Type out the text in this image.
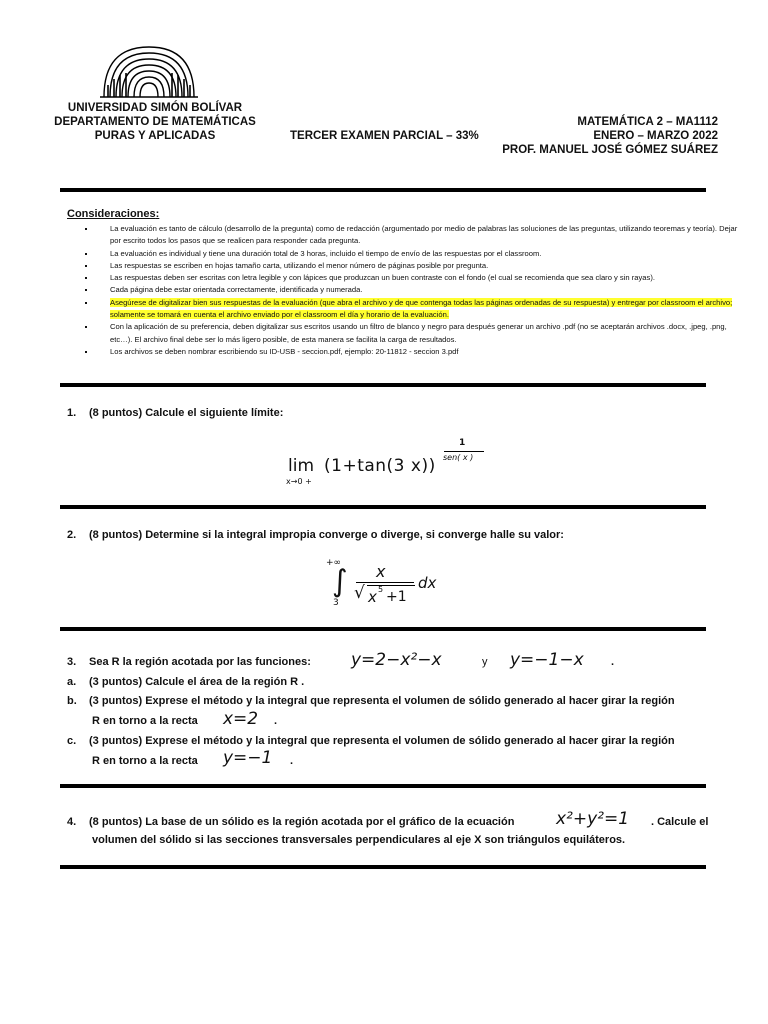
UNIVERSIDAD SIMÓN BOLÍVAR
DEPARTAMENTO DE MATEMÁTICAS
PURAS Y APLICADAS	TERCER EXAMEN PARCIAL – 33%
MATEMÁTICA 2 – MA1112
ENERO – MARZO 2022
PROF. MANUEL JOSÉ GÓMEZ SUÁREZ
Consideraciones:
▪ La evaluación es tanto de cálculo (desarrollo de la pregunta) como de redacción (argumentado por medio de palabras las soluciones de las preguntas, utilizando teoremas y teoría). Dejar por escrito todos los pasos que se realicen para responder cada pregunta.
▪ La evaluación es individual y tiene una duración total de 3 horas, incluido el tiempo de envío de las respuestas por el classroom.
▪ Las respuestas se escriben en hojas tamaño carta, utilizando el menor número de páginas posible por pregunta.
▪ Las respuestas deben ser escritas con letra legible y con lápices que produzcan un buen contraste con el fondo (el cual se recomienda que sea claro y sin rayas).
▪ Cada página debe estar orientada correctamente, identificada y numerada.
▪ Asegúrese de digitalizar bien sus respuestas de la evaluación (que abra el archivo y de que contenga todas las páginas ordenadas de su respuesta) y entregar por classroom el archivo; solamente se tomará en cuenta el archivo enviado por el classroom el día y horario de la evaluación.
▪ Con la aplicación de su preferencia, deben digitalizar sus escritos usando un filtro de blanco y negro para después generar un archivo .pdf (no se aceptarán archivos .docx, .jpeg, .png, etc…). El archivo final debe ser lo más ligero posible, de esta manera se facilita la carga de resultados.
▪ Los archivos se deben nombrar escribiendo su ID-USB - seccion.pdf, ejemplo: 20-11812 - seccion 3.pdf
1. (8 puntos) Calcule el siguiente límite:
lim
x→0 +
(1+tan(3 x))
1
sen( x )
2. (8 puntos) Determine si la integral impropia converge o diverge, si converge halle su valor:
+∞
∫
3
x
√ x 5 +1
dx
3. Sea R la región acotada por las funciones: y=2−x²−x	y y=−1−x .
a. (3 puntos) Calcule el área de la región R .
b. (3 puntos) Exprese el método y la integral que representa el volumen de sólido generado al hacer girar la región
R en torno a la recta x=2 .
c. (3 puntos) Exprese el método y la integral que representa el volumen de sólido generado al hacer girar la región
R en torno a la recta y=−1 .
4. (8 puntos) La base de un sólido es la región acotada por el gráfico de la ecuación x²+y²=1 . Calcule el
volumen del sólido si las secciones transversales perpendiculares al eje X son triángulos equiláteros.
